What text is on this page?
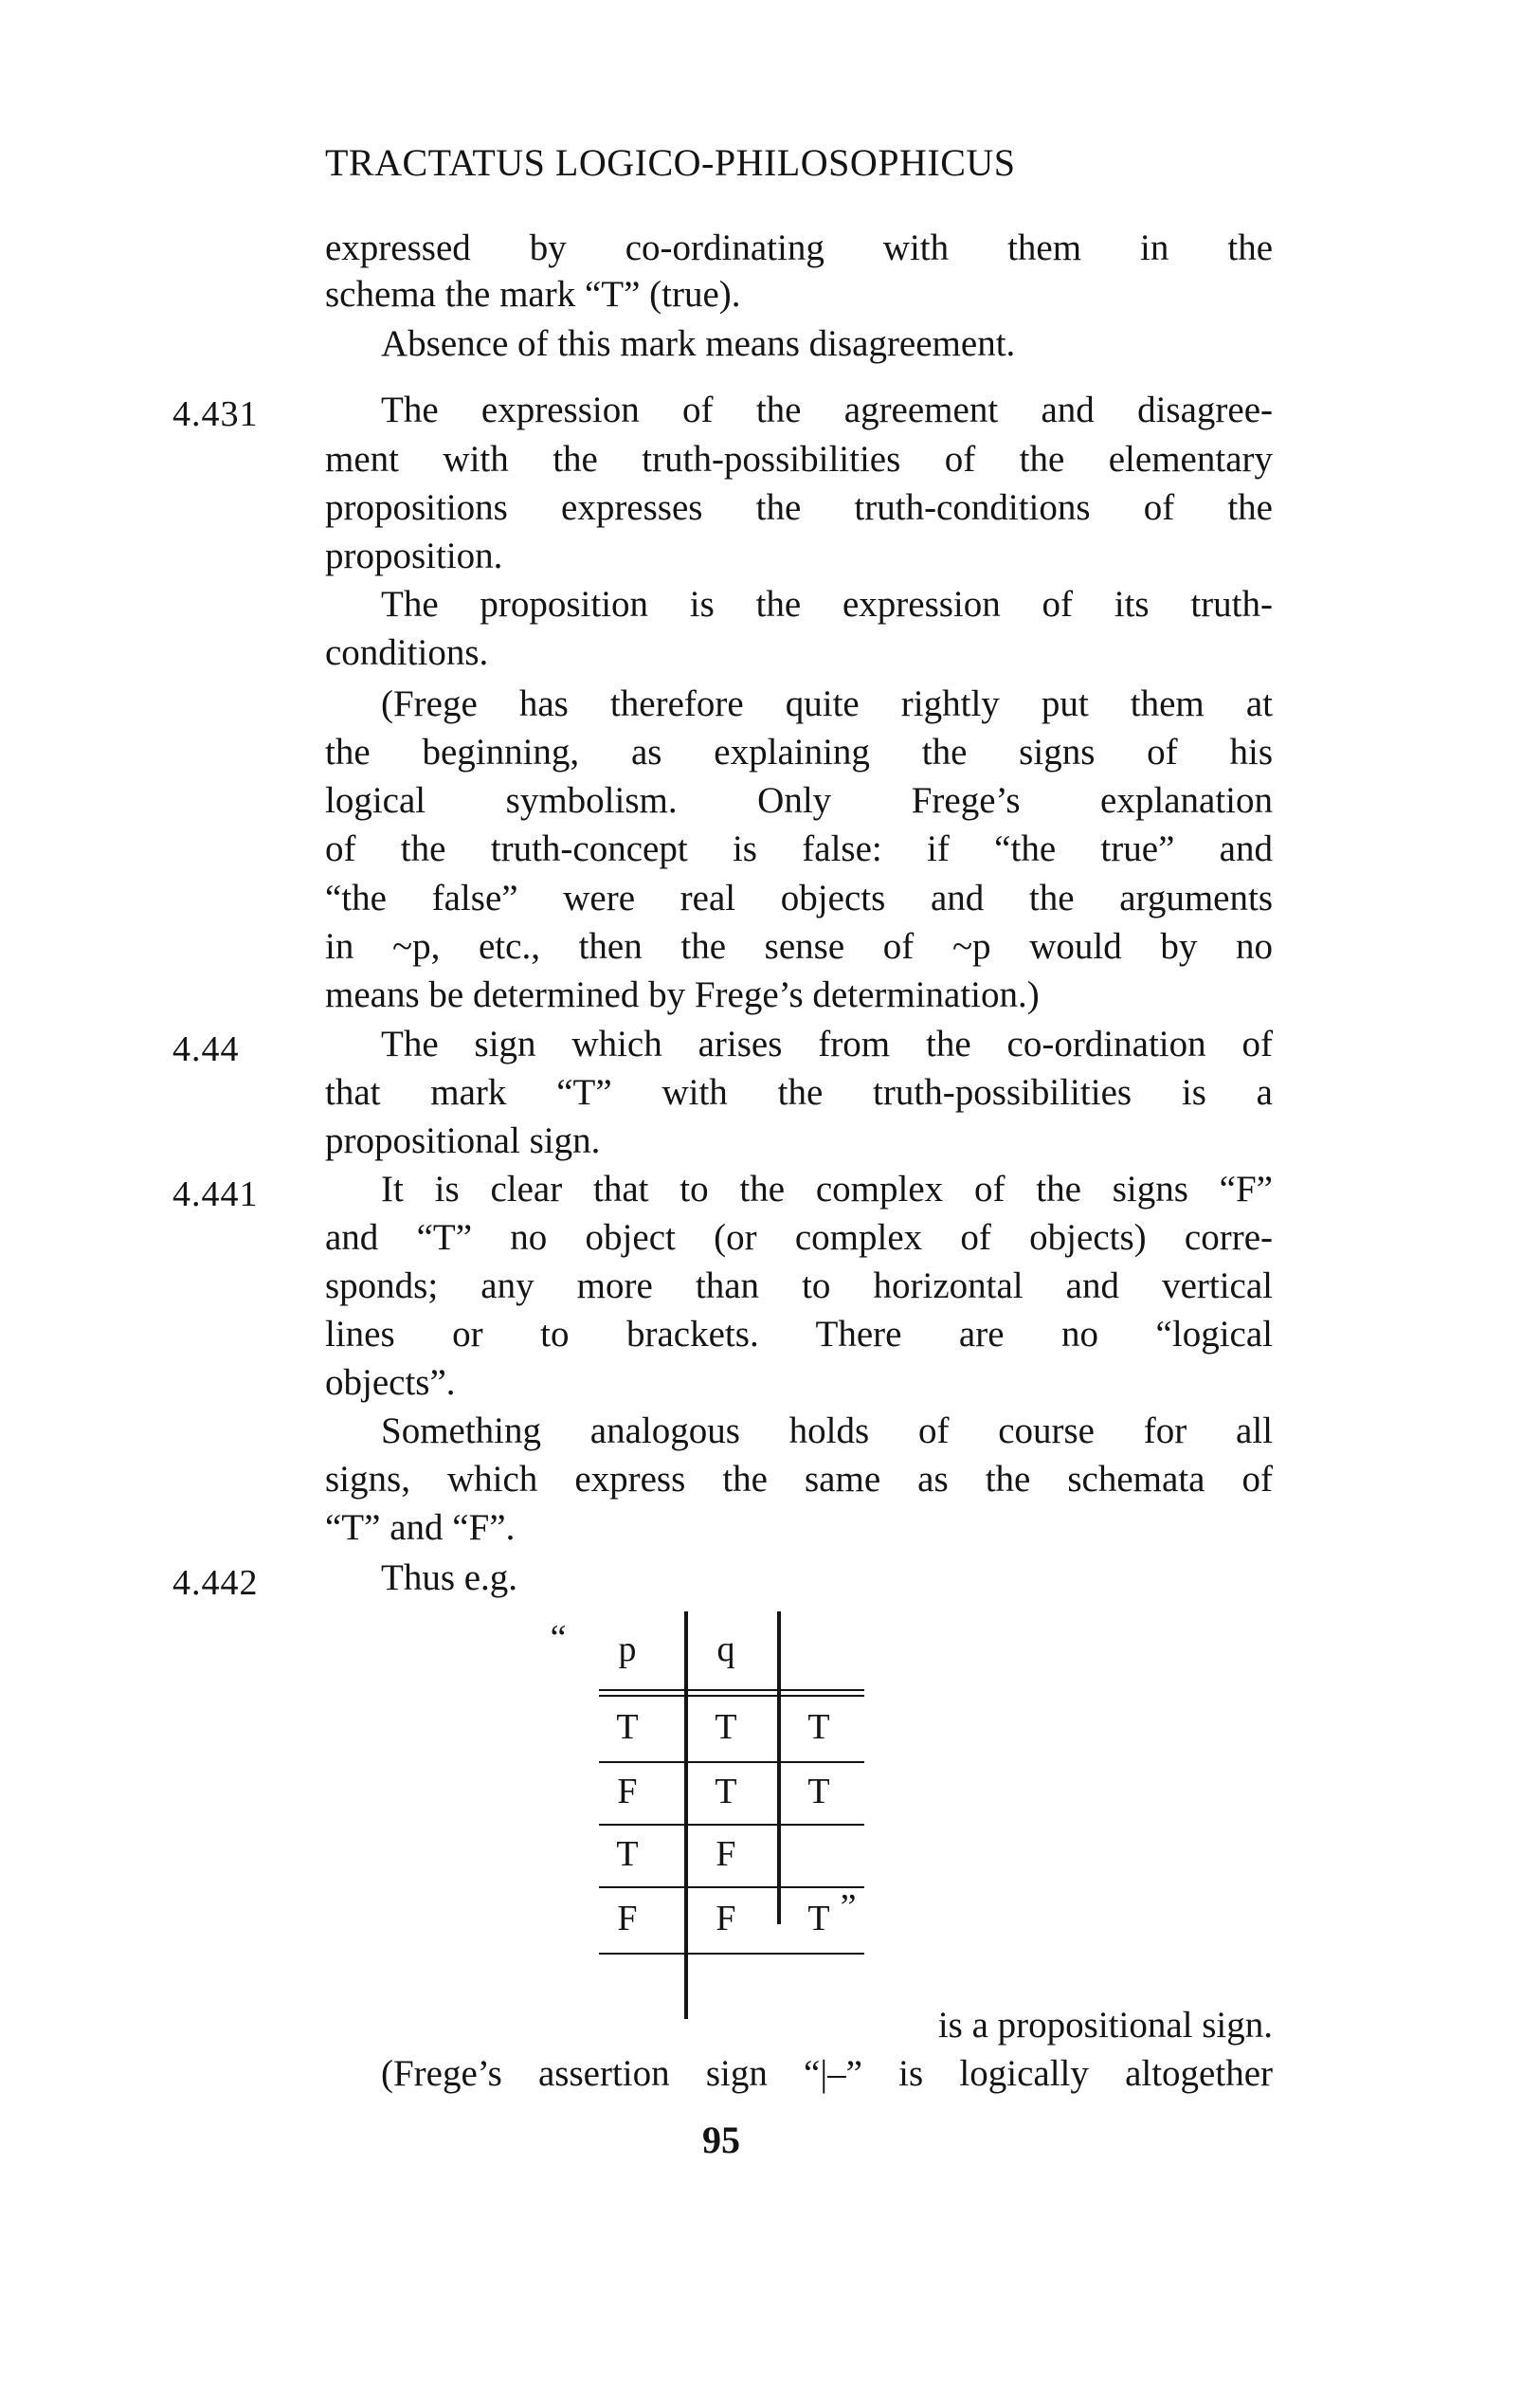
TRACTATUS LOGICO-PHILOSOPHICUS
expressed by co-ordinating with them in the
schema the mark “T” (true).
Absence of this mark means disagreement.
4.431	The expression of the agreement and disagree-
ment with the truth-possibilities of the elementary
propositions expresses the truth-conditions of the
proposition.
The proposition is the expression of its truth-
conditions.
(Frege has therefore quite rightly put them at
the beginning, as explaining the signs of his
logical symbolism. Only Frege’s explanation
of the truth-concept is false: if “the true” and
“the false” were real objects and the arguments
in ~p, etc., then the sense of ~p would by no
means be determined by Frege’s determination.)
4.44	The sign which arises from the co-ordination of
that mark “T” with the truth-possibilities is a
propositional sign.
4.441	It is clear that to the complex of the signs “F”
and “T” no object (or complex of objects) corre-
sponds; any more than to horizontal and vertical
lines or to brackets. There are no “logical
objects”.
Something analogous holds of course for all
signs, which express the same as the schemata of
“T” and “F”.
4.442	Thus e.g.
“	p	q
T	T	T
F	T	T
T	F
F	F	T ”
is a propositional sign.
(Frege’s assertion sign “|–” is logically altogether
95
